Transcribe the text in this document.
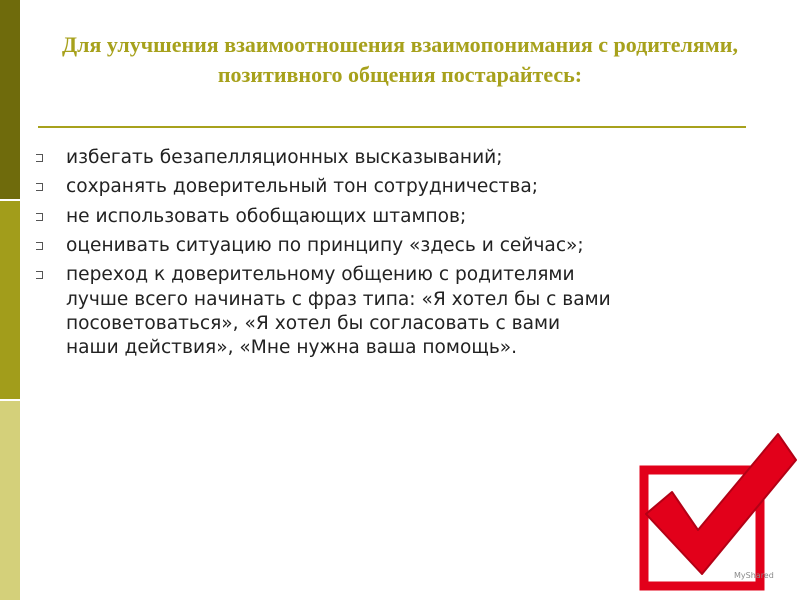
Для улучшения взаимоотношения взаимопонимания с родителями, позитивного общения постарайтесь:
избегать безапелляционных высказываний;
сохранять доверительный тон сотрудничества;
не использовать обобщающих штампов;
оценивать ситуацию по принципу «здесь и сейчас»;
переход к доверительному общению с родителями лучше всего начинать с фраз типа: «Я хотел бы с вами посоветоваться», «Я хотел бы согласовать с вами наши действия», «Мне нужна ваша помощь».
МyShared
